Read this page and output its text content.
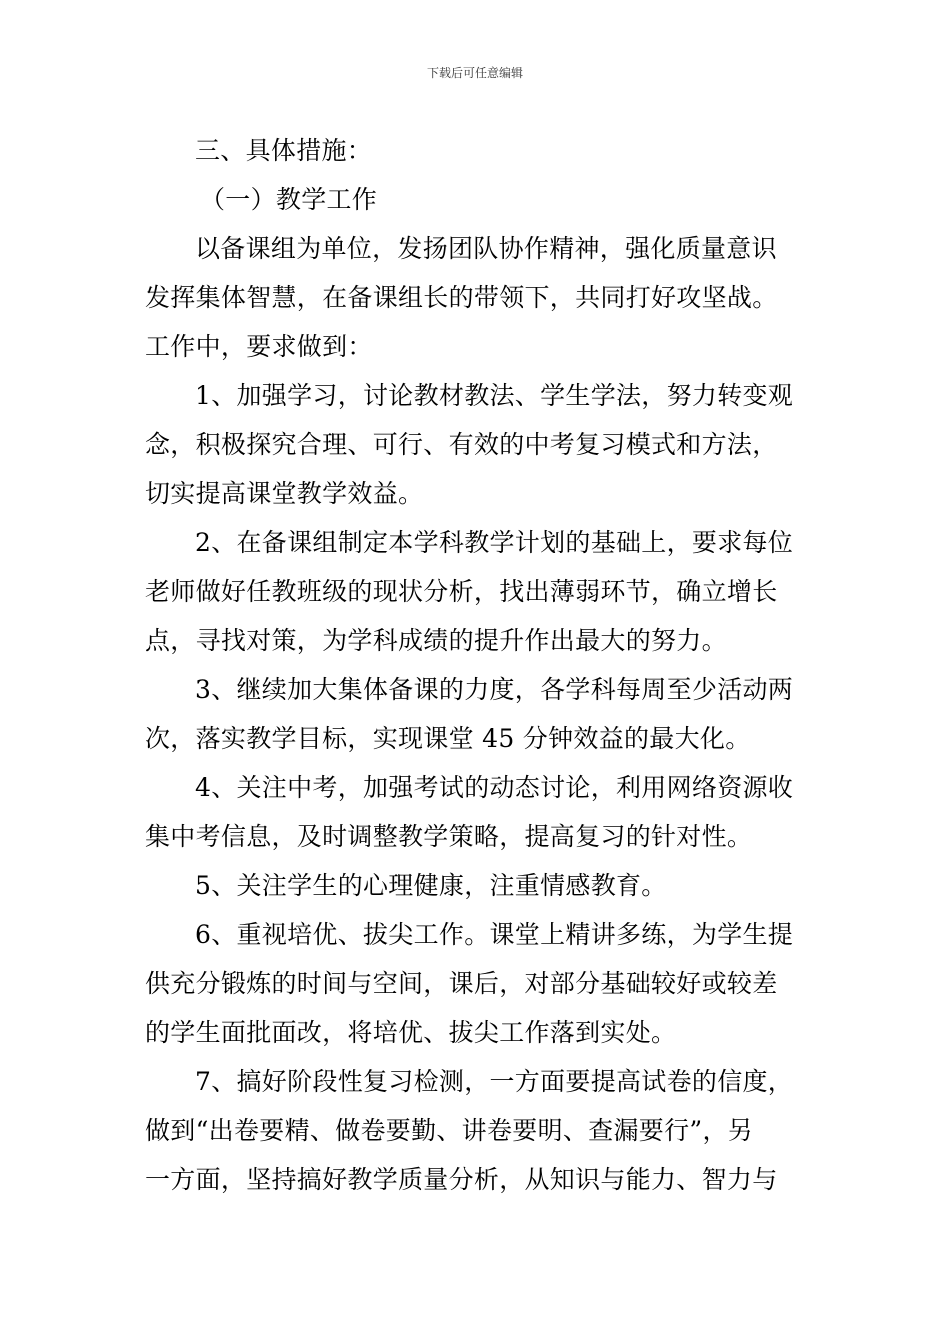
下载后可任意编辑
三、具体措施：
（一）教学工作
以备课组为单位，发扬团队协作精神，强化质量意识
发挥集体智慧，在备课组长的带领下，共同打好攻坚战。
工作中，要求做到：
1、加强学习，讨论教材教法、学生学法，努力转变观
念，积极探究合理、可行、有效的中考复习模式和方法，
切实提高课堂教学效益。
2、在备课组制定本学科教学计划的基础上，要求每位
老师做好任教班级的现状分析，找出薄弱环节，确立增长
点，寻找对策，为学科成绩的提升作出最大的努力。
3、继续加大集体备课的力度，各学科每周至少活动两
次，落实教学目标，实现课堂 45 分钟效益的最大化。
4、关注中考，加强考试的动态讨论，利用网络资源收
集中考信息，及时调整教学策略，提高复习的针对性。
5、关注学生的心理健康，注重情感教育。
6、重视培优、拔尖工作。课堂上精讲多练，为学生提
供充分锻炼的时间与空间，课后，对部分基础较好或较差
的学生面批面改，将培优、拔尖工作落到实处。
7、搞好阶段性复习检测，一方面要提高试卷的信度，
做到“出卷要精、做卷要勤、讲卷要明、查漏要行”，另
一方面，坚持搞好教学质量分析，从知识与能力、智力与
